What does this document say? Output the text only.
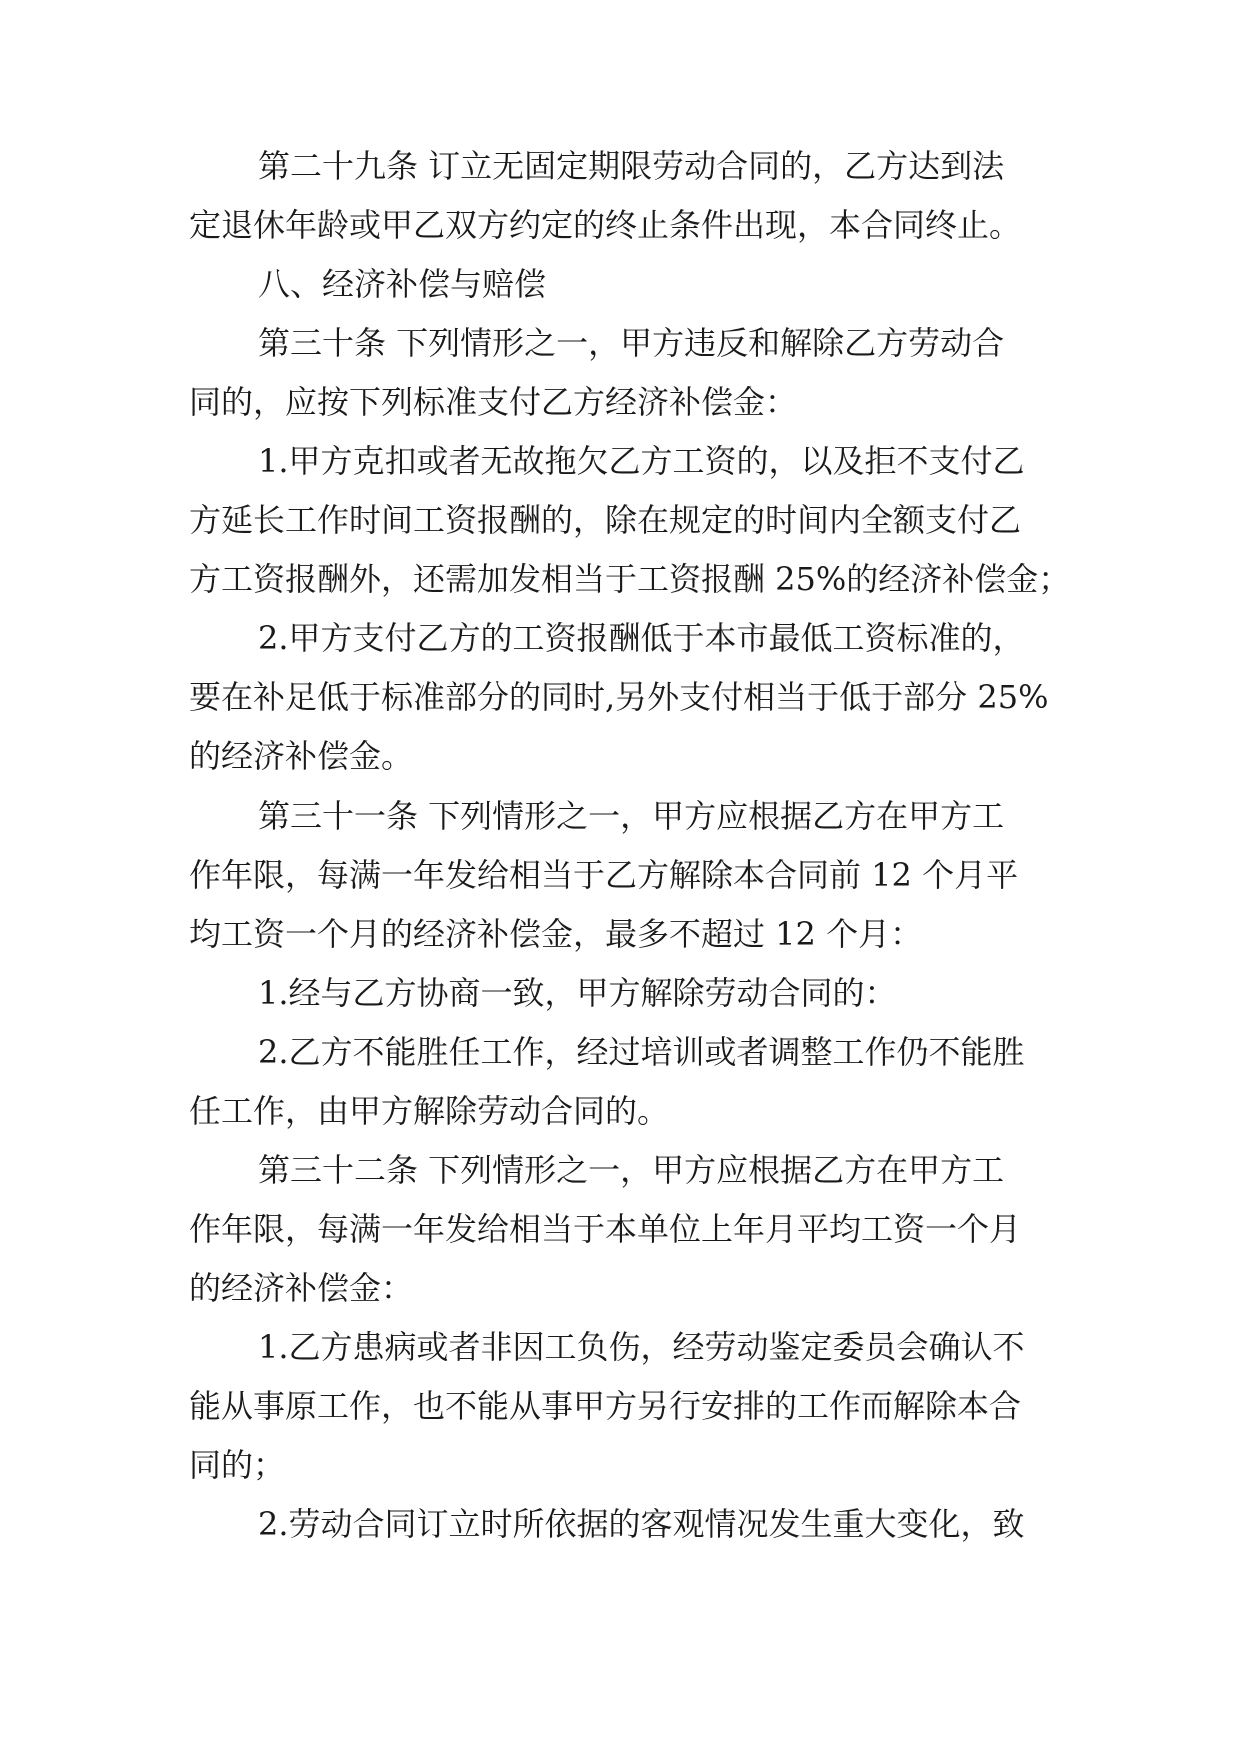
第二十九条 订立无固定期限劳动合同的，乙方达到法
定退休年龄或甲乙双方约定的终止条件出现，本合同终止。
八、经济补偿与赔偿
第三十条 下列情形之一，甲方违反和解除乙方劳动合
同的，应按下列标准支付乙方经济补偿金：
1.甲方克扣或者无故拖欠乙方工资的，以及拒不支付乙
方延长工作时间工资报酬的，除在规定的时间内全额支付乙
方工资报酬外，还需加发相当于工资报酬 25%的经济补偿金；
2.甲方支付乙方的工资报酬低于本市最低工资标准的，
要在补足低于标准部分的同时,另外支付相当于低于部分 25%
的经济补偿金。
第三十一条 下列情形之一，甲方应根据乙方在甲方工
作年限，每满一年发给相当于乙方解除本合同前 12 个月平
均工资一个月的经济补偿金，最多不超过 12 个月：
1.经与乙方协商一致，甲方解除劳动合同的：
2.乙方不能胜任工作，经过培训或者调整工作仍不能胜
任工作，由甲方解除劳动合同的。
第三十二条 下列情形之一，甲方应根据乙方在甲方工
作年限，每满一年发给相当于本单位上年月平均工资一个月
的经济补偿金：
1.乙方患病或者非因工负伤，经劳动鉴定委员会确认不
能从事原工作，也不能从事甲方另行安排的工作而解除本合
同的；
2.劳动合同订立时所依据的客观情况发生重大变化，致
